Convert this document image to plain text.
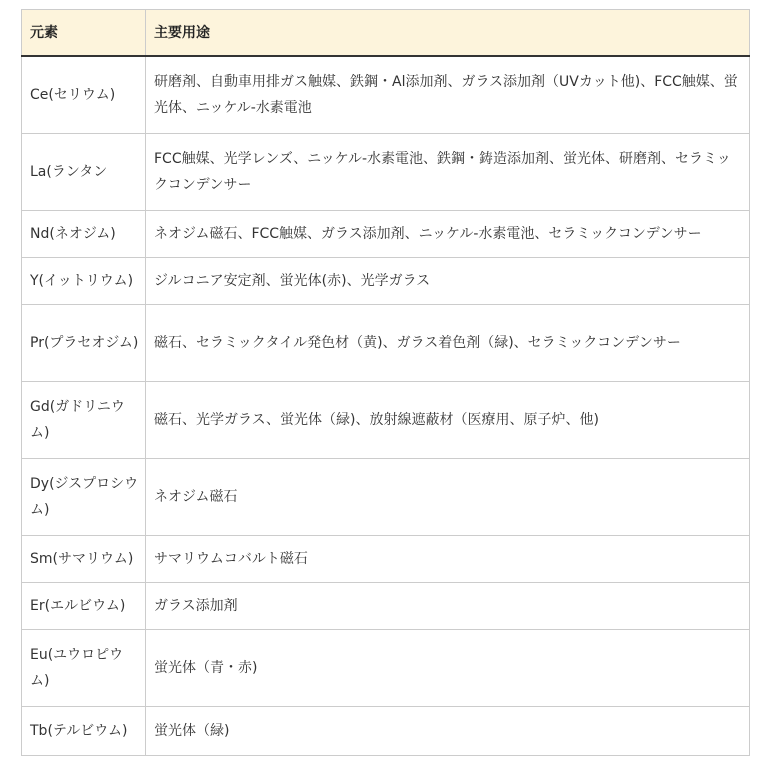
元素	主要用途
Ce(セリウム)	研磨剤、自動車用排ガス触媒、鉄鋼・Al添加剤、ガラス添加剤（UVカット他)、FCC触媒、蛍光体、ニッケル-水素電池
La(ランタン	FCC触媒、光学レンズ、ニッケル-水素電池、鉄鋼・鋳造添加剤、蛍光体、研磨剤、セラミックコンデンサー
Nd(ネオジム)	ネオジム磁石、FCC触媒、ガラス添加剤、ニッケル-水素電池、セラミックコンデンサー
Y(イットリウム)	ジルコニア安定剤、蛍光体(赤)、光学ガラス
Pr(プラセオジム)	磁石、セラミックタイル発色材（黄)、ガラス着色剤（緑)、セラミックコンデンサー
Gd(ガドリニウム)	磁石、光学ガラス、蛍光体（緑)、放射線遮蔽材（医療用、原子炉、他)
Dy(ジスプロシウム)	ネオジム磁石
Sm(サマリウム)	サマリウムコバルト磁石
Er(エルビウム)	ガラス添加剤
Eu(ユウロピウム)	蛍光体（青・赤)
Tb(テルビウム)	蛍光体（緑)
